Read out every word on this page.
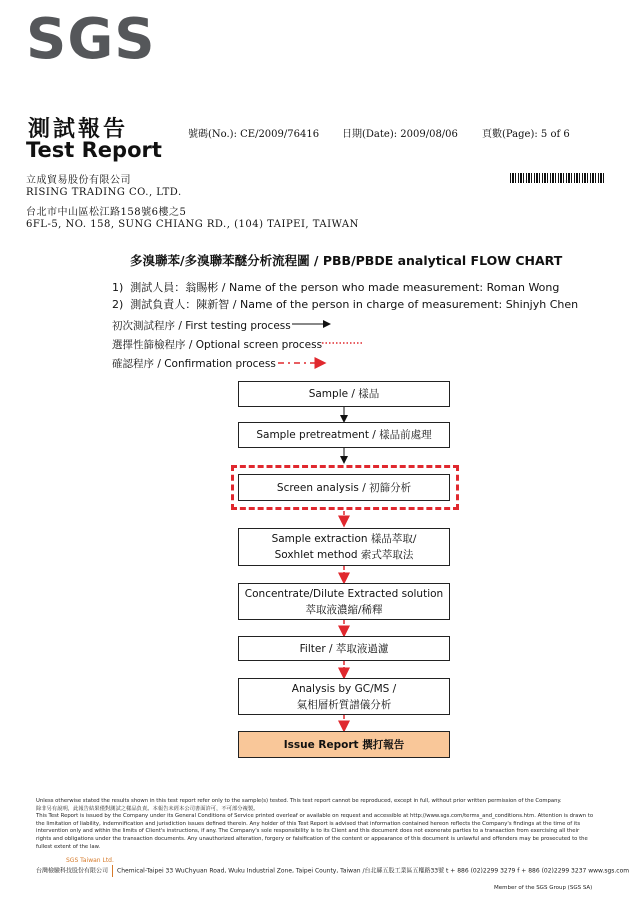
SGS
測試報告
Test Report
號碼(No.): CE/2009/76416 日期(Date): 2009/08/06 頁數(Page): 5 of 6
立成貿易股份有限公司
RISING TRADING CO., LTD.
台北市中山區松江路158號6樓之5
6FL-5, NO. 158, SUNG CHIANG RD., (104) TAIPEI, TAIWAN
多溴聯苯/多溴聯苯醚分析流程圖 / PBB/PBDE analytical FLOW CHART
1) 測試人員：翁賜彬 / Name of the person who made measurement: Roman Wong
2) 測試負責人：陳新智 / Name of the person in charge of measurement: Shinjyh Chen
初次測試程序 / First testing process
選擇性篩檢程序 / Optional screen process
確認程序 / Confirmation process
Sample / 樣品
Sample pretreatment / 樣品前處理
Screen analysis / 初篩分析
Sample extraction 樣品萃取/
Soxhlet method 索式萃取法
Concentrate/Dilute Extracted solution
萃取液濃縮/稀釋
Filter / 萃取液過濾
Analysis by GC/MS /
氣相層析質譜儀分析
Issue Report 撰打報告
Unless otherwise stated the results shown in this test report refer only to the sample(s) tested. This test report cannot be reproduced, except in full, without prior written permission of the Company.
除非另有說明，此報告結果僅對測試之樣品負責。本報告未經本公司書面許可，不可部分複製。
This Test Report is issued by the Company under its General Conditions of Service printed overleaf or available on request and accessible at http://www.sgs.com/terms_and_conditions.htm. Attention is drawn to the limitation of liability, indemnification and jurisdiction issues defined therein. Any holder of this Test Report is advised that information contained hereon reflects the Company's findings at the time of its intervention only and within the limits of Client's instructions, if any. The Company's sole responsibility is to its Client and this document does not exonerate parties to a transaction from exercising all their rights and obligations under the transaction documents. Any unauthorized alteration, forgery or falsification of the content or appearance of this document is unlawful and offenders may be prosecuted to the fullest extent of the law.
SGS Taiwan Ltd.
台灣檢驗科技股份有限公司 Chemical-Taipei 33 WuChyuan Road, Wuku Industrial Zone, Taipei County, Taiwan /台北縣五股工業區五權路33號 t + 886 (02)2299 3279 f + 886 (02)2299 3237 www.sgs.com
Member of the SGS Group (SGS SA)
